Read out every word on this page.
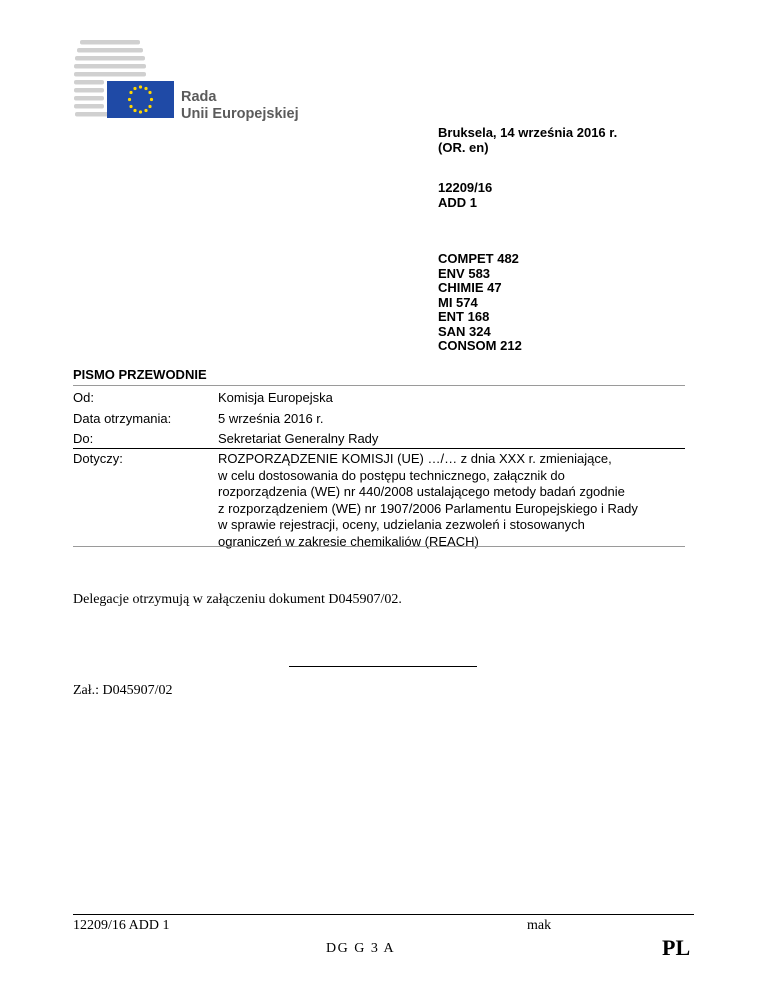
Rada
Unii Europejskiej
Bruksela, 14 września 2016 r.
(OR. en)
12209/16
ADD 1
COMPET 482
ENV 583
CHIMIE 47
MI 574
ENT 168
SAN 324
CONSOM 212
PISMO PRZEWODNIE
Od:	Komisja Europejska
Data otrzymania:	5 września 2016 r.
Do:	Sekretariat Generalny Rady
Dotyczy:	ROZPORZĄDZENIE KOMISJI (UE) …/… z dnia XXX r. zmieniające,
w celu dostosowania do postępu technicznego, załącznik do
rozporządzenia (WE) nr 440/2008 ustalającego metody badań zgodnie
z rozporządzeniem (WE) nr 1907/2006 Parlamentu Europejskiego i Rady
w sprawie rejestracji, oceny, udzielania zezwoleń i stosowanych
ograniczeń w zakresie chemikaliów (REACH)
Delegacje otrzymują w załączeniu dokument D045907/02.
Zał.: D045907/02
12209/16 ADD 1	mak
DG G 3 A	PL
